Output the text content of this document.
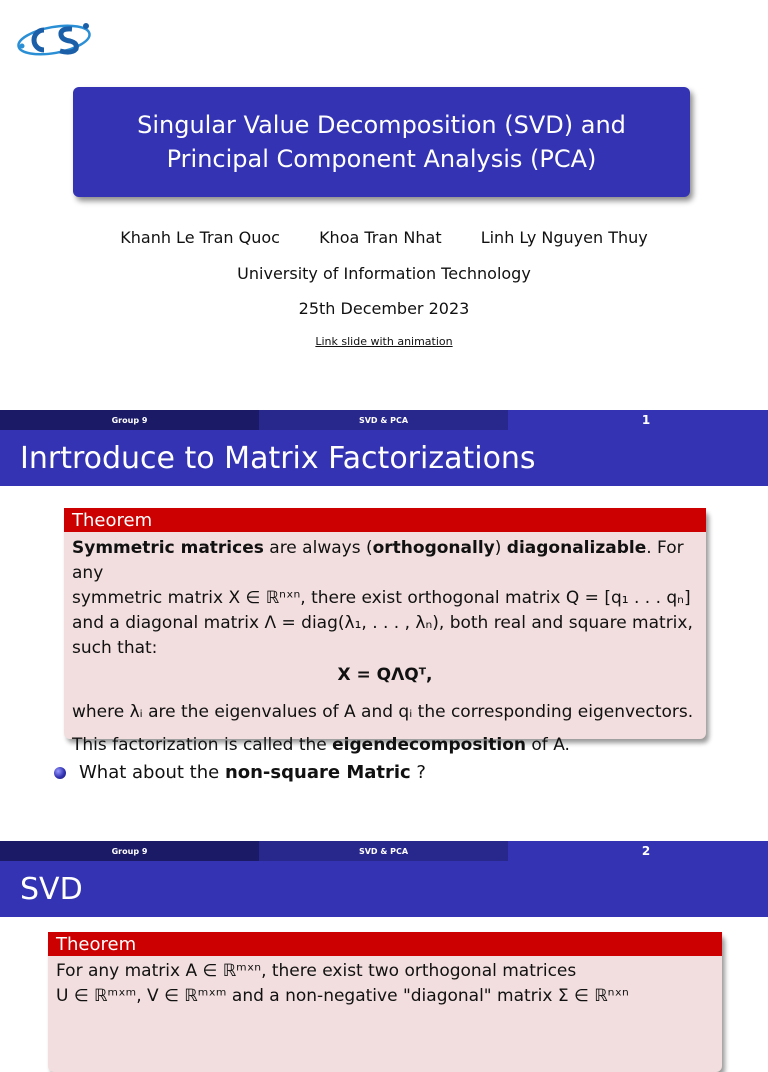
Singular Value Decomposition (SVD) and
Principal Component Analysis (PCA)
Khanh Le Tran Quoc Khoa Tran Nhat Linh Ly Nguyen Thuy
University of Information Technology
25th December 2023
Link slide with animation
Group 9	SVD & PCA	1
Inrtroduce to Matrix Factorizations
Theorem

Symmetric matrices are always (orthogonally) diagonalizable. For any

symmetric matrix X ∈ ℝⁿˣⁿ, there exist orthogonal matrix Q = [q₁ . . . qₙ]

and a diagonal matrix Λ = diag(λ₁, . . . , λₙ), both real and square matrix,

such that:

X = QΛQᵀ,

where λᵢ are the eigenvalues of A and qᵢ the corresponding eigenvectors.

This factorization is called the eigendecomposition of A.

What about the non-square Matric ?
Group 9	SVD & PCA	2
SVD
Theorem

For any matrix A ∈ ℝᵐˣⁿ, there exist two orthogonal matrices

U ∈ ℝᵐˣᵐ, V ∈ ℝᵐˣᵐ and a non-negative "diagonal" matrix Σ ∈ ℝⁿˣⁿ
